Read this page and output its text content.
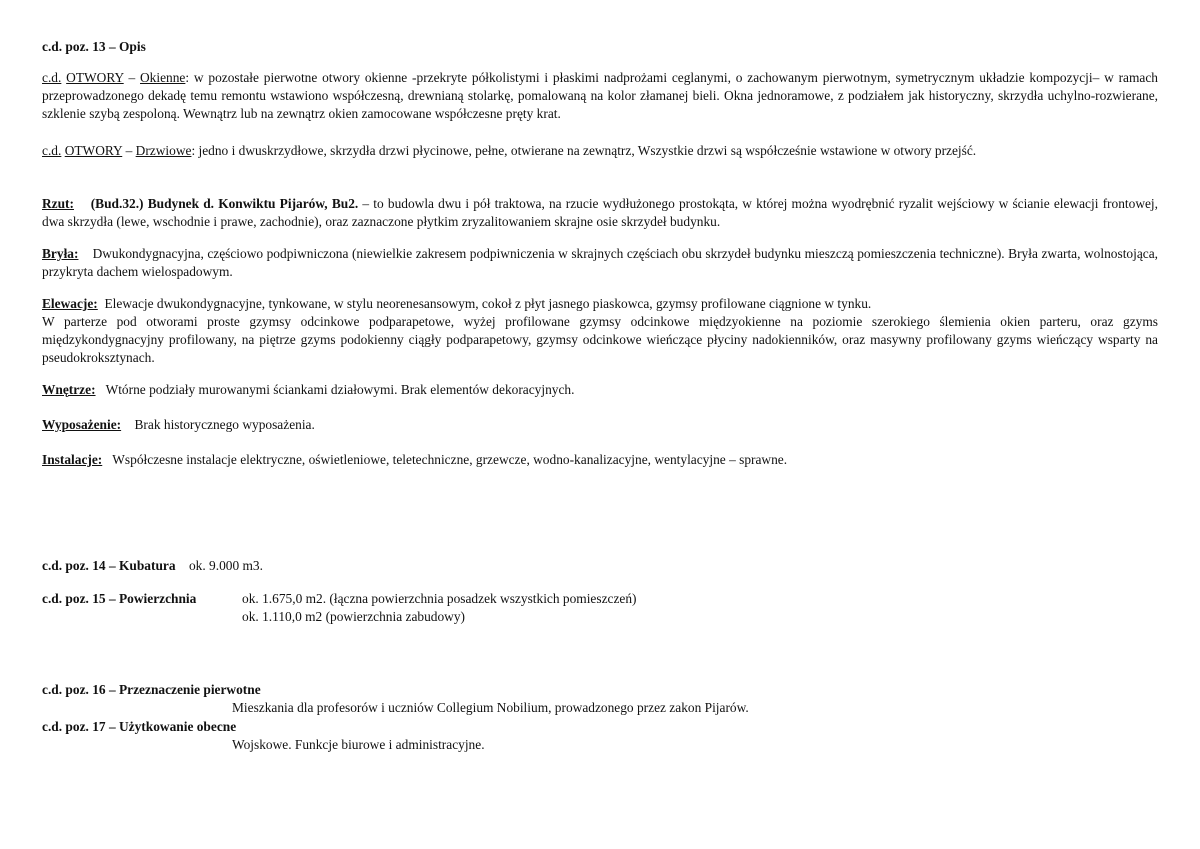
c.d. poz. 13 – Opis
c.d. OTWORY – Okienne: w pozostałe pierwotne otwory okienne -przekryte półkolistymi i płaskimi nadprożami ceglanymi, o zachowanym pierwotnym, symetrycznym układzie kompozycji– w ramach przeprowadzonego dekadę temu remontu wstawiono współczesną, drewnianą stolarkę, pomalowaną na kolor złamanej bieli. Okna jednoramowe, z podziałem jak historyczny, skrzydła uchylno-rozwierane, szklenie szybą zespoloną. Wewnątrz lub na zewnątrz okien zamocowane współczesne pręty krat.
c.d. OTWORY – Drzwiowe: jedno i dwuskrzydłowe, skrzydła drzwi płycinowe, pełne, otwierane na zewnątrz, Wszystkie drzwi są współcześnie wstawione w otwory przejść.
Rzut: (Bud.32.) Budynek d. Konwiktu Pijarów, Bu2. – to budowla dwu i pół traktowa, na rzucie wydłużonego prostokąta, w której można wyodrębnić ryzalit wejściowy w ścianie elewacji frontowej, dwa skrzydła (lewe, wschodnie i prawe, zachodnie), oraz zaznaczone płytkim zryzalitowaniem skrajne osie skrzydeł budynku.
Bryła: Dwukondygnacyjna, częściowo podpiwniczona (niewielkie zakresem podpiwniczenia w skrajnych częściach obu skrzydeł budynku mieszczą pomieszczenia techniczne). Bryła zwarta, wolnostojąca, przykryta dachem wielospadowym.
Elewacje: Elewacje dwukondygnacyjne, tynkowane, w stylu neorenesansowym, cokoł z płyt jasnego piaskowca, gzymsy profilowane ciągnione w tynku.
W parterze pod otworami proste gzymsy odcinkowe podparapetowe, wyżej profilowane gzymsy odcinkowe międzyokienne na poziomie szerokiego ślemienia okien parteru, oraz gzyms międzykondygnacyjny profilowany, na piętrze gzyms podokienny ciągły podparapetowy, gzymsy odcinkowe wieńczące płyciny nadokienników, oraz masywny profilowany gzyms wieńczący wsparty na pseudokroksztynach.
Wnętrze: Wtórne podziały murowanymi ściankami działowymi. Brak elementów dekoracyjnych.
Wyposażenie: Brak historycznego wyposażenia.
Instalacje: Współczesne instalacje elektryczne, oświetleniowe, teletechniczne, grzewcze, wodno-kanalizacyjne, wentylacyjne – sprawne.
c.d. poz. 14 – Kubatura ok. 9.000 m3.
c.d. poz. 15 – Powierzchnia	ok. 1.675,0 m2. (łączna powierzchnia posadzek wszystkich pomieszczeń)
ok. 1.110,0 m2 (powierzchnia zabudowy)
c.d. poz. 16 – Przeznaczenie pierwotne
Mieszkania dla profesorów i uczniów Collegium Nobilium, prowadzonego przez zakon Pijarów.
c.d. poz. 17 – Użytkowanie obecne
Wojskowe. Funkcje biurowe i administracyjne.
